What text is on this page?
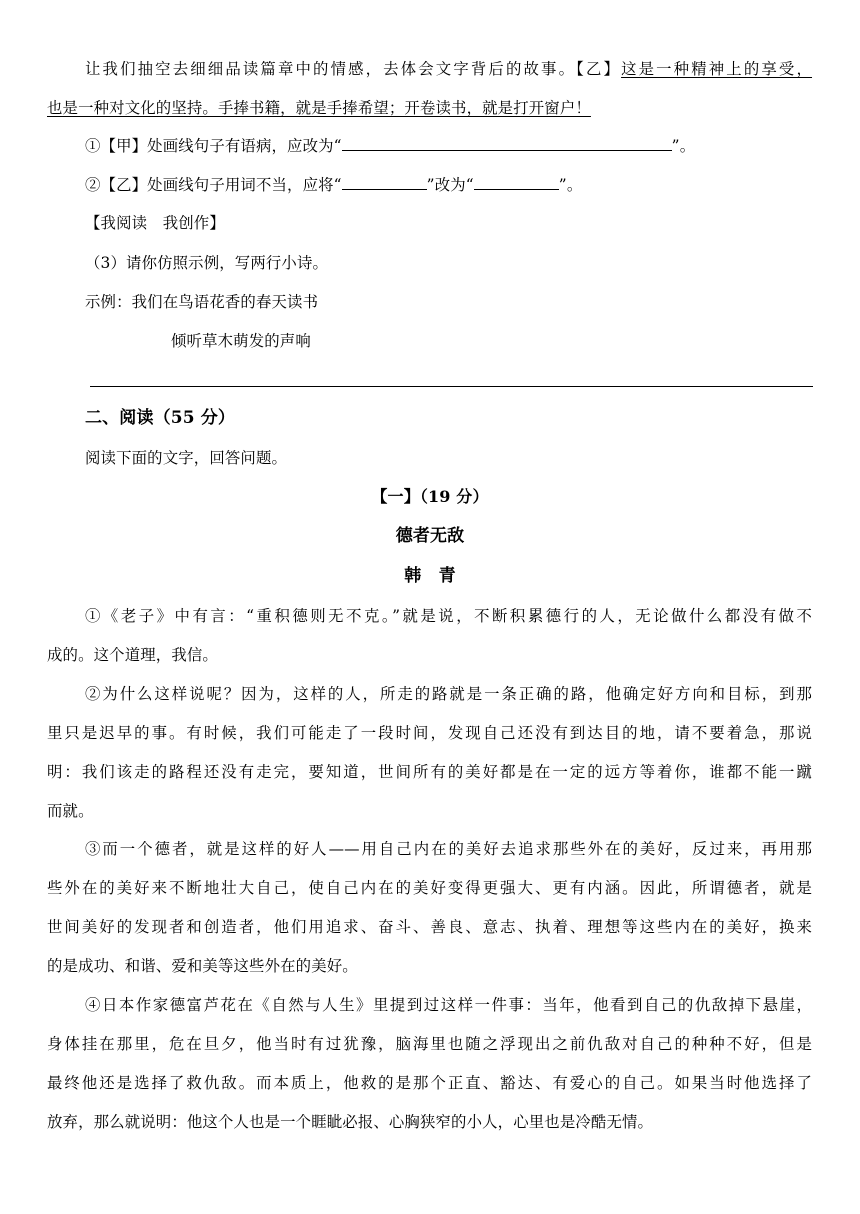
让我们抽空去细细品读篇章中的情感，去体会文字背后的故事。【乙】这是一种精神上的享受，
也是一种对文化的坚持。手捧书籍，就是手捧希望；开卷读书，就是打开窗户！
①【甲】处画线句子有语病，应改为“	”。
②【乙】处画线句子用词不当，应将“	”改为“	”。
【我阅读　我创作】
（3）请你仿照示例，写两行小诗。
示例：我们在鸟语花香的春天读书
倾听草木萌发的声响
二、阅读（55 分）
阅读下面的文字，回答问题。
【一】（19 分）
德者无敌
韩　青
①《老子》中有言：“重积德则无不克。”就是说，不断积累德行的人，无论做什么都没有做不
成的。这个道理，我信。
②为什么这样说呢？因为，这样的人，所走的路就是一条正确的路，他确定好方向和目标，到那
里只是迟早的事。有时候，我们可能走了一段时间，发现自己还没有到达目的地，请不要着急，那说
明：我们该走的路程还没有走完，要知道，世间所有的美好都是在一定的远方等着你，谁都不能一蹴
而就。
③而一个德者，就是这样的好人——用自己内在的美好去追求那些外在的美好，反过来，再用那
些外在的美好来不断地壮大自己，使自己内在的美好变得更强大、更有内涵。因此，所谓德者，就是
世间美好的发现者和创造者，他们用追求、奋斗、善良、意志、执着、理想等这些内在的美好，换来
的是成功、和谐、爱和美等这些外在的美好。
④日本作家德富芦花在《自然与人生》里提到过这样一件事：当年，他看到自己的仇敌掉下悬崖，
身体挂在那里，危在旦夕，他当时有过犹豫，脑海里也随之浮现出之前仇敌对自己的种种不好，但是
最终他还是选择了救仇敌。而本质上，他救的是那个正直、豁达、有爱心的自己。如果当时他选择了
放弃，那么就说明：他这个人也是一个睚眦必报、心胸狭窄的小人，心里也是冷酷无情。
